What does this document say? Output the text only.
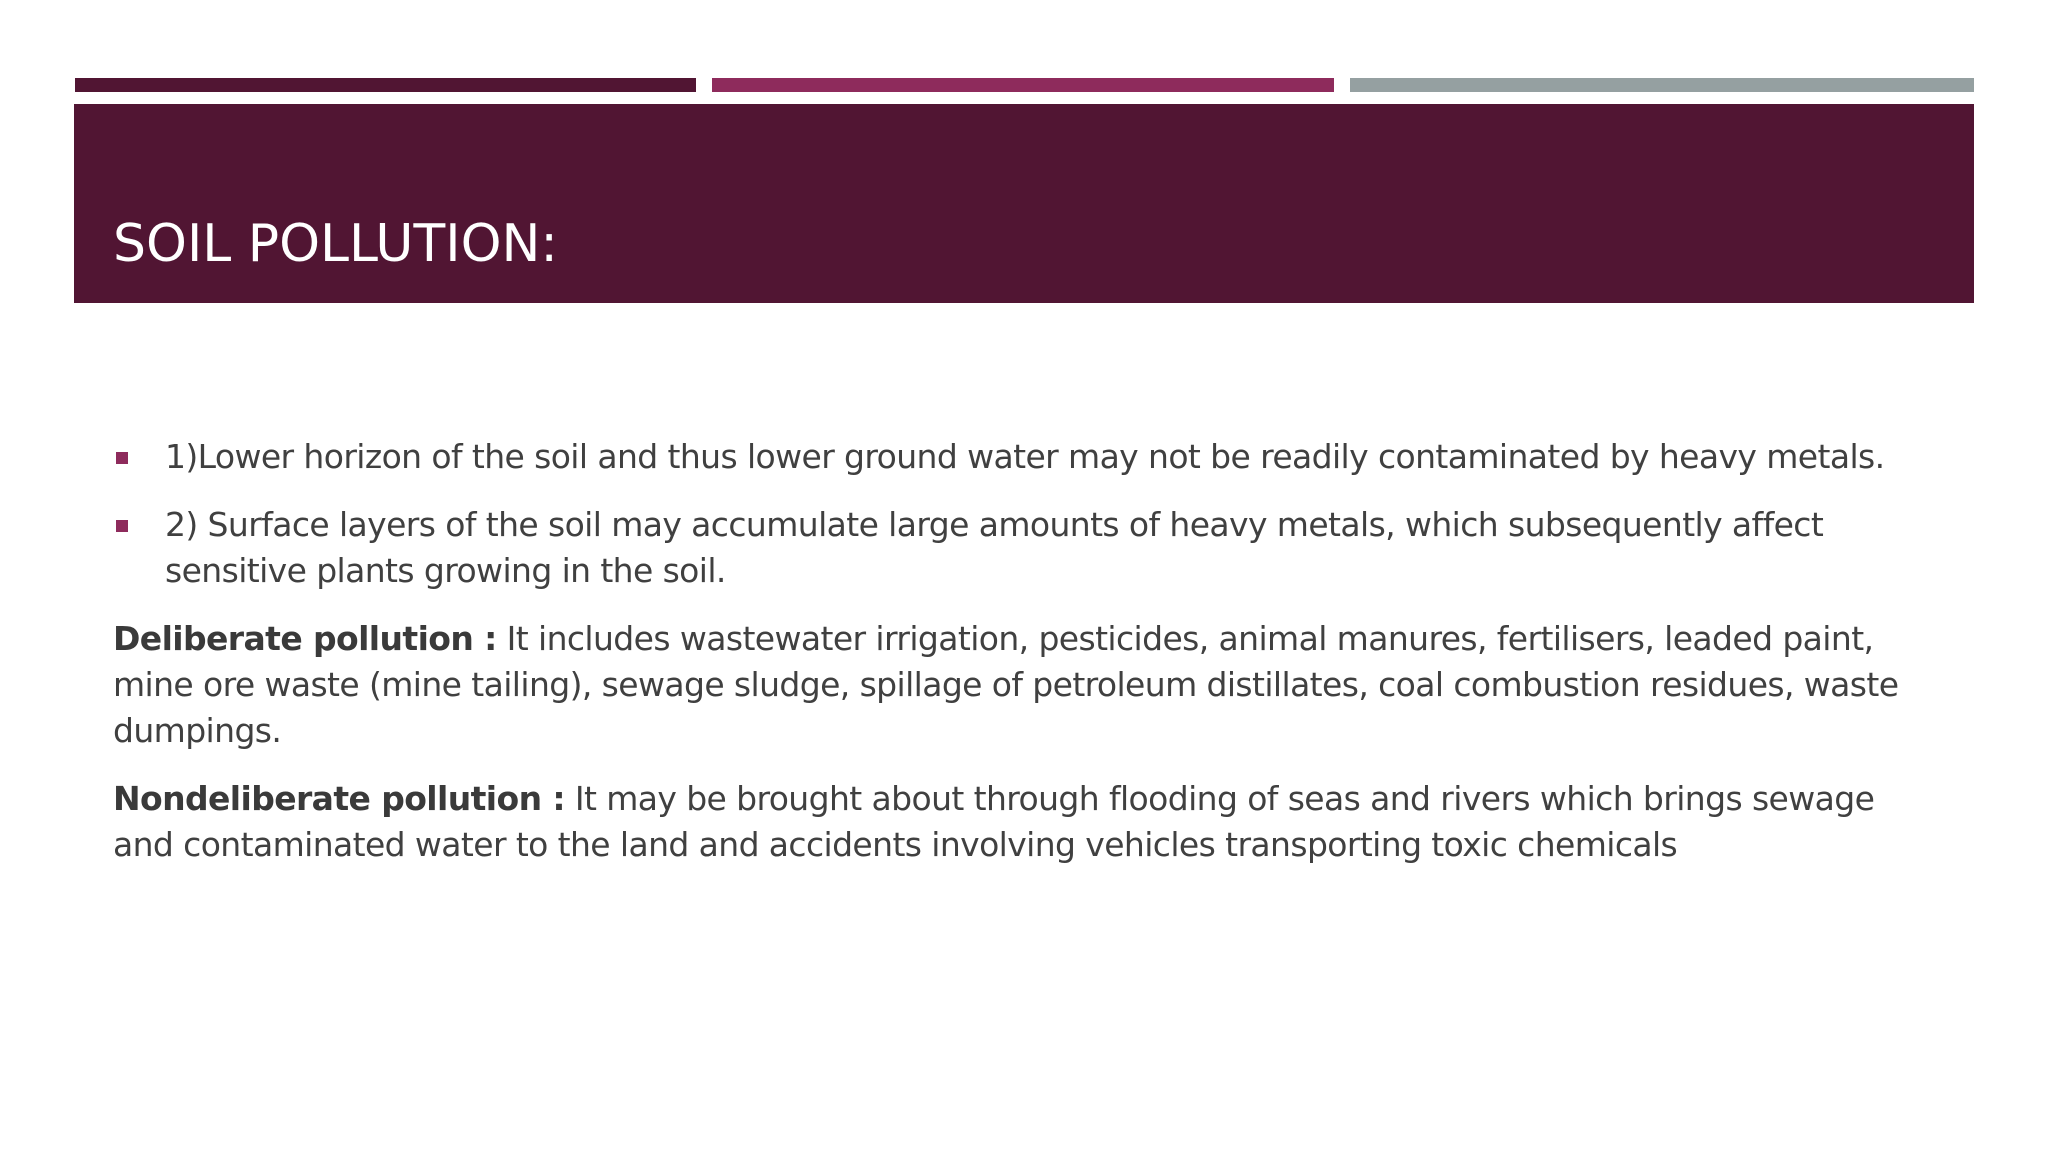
SOIL POLLUTION:
1)Lower horizon of the soil and thus lower ground water may not be readily contaminated by heavy metals.
2) Surface layers of the soil may accumulate large amounts of heavy metals, which subsequently affect sensitive plants growing in the soil.

Deliberate pollution : It includes wastewater irrigation, pesticides, animal manures, fertilisers, leaded paint, mine ore waste (mine tailing), sewage sludge, spillage of petroleum distillates, coal combustion residues, waste dumpings.

Nondeliberate pollution : It may be brought about through flooding of seas and rivers which brings sewage and contaminated water to the land and accidents involving vehicles transporting toxic chemicals
